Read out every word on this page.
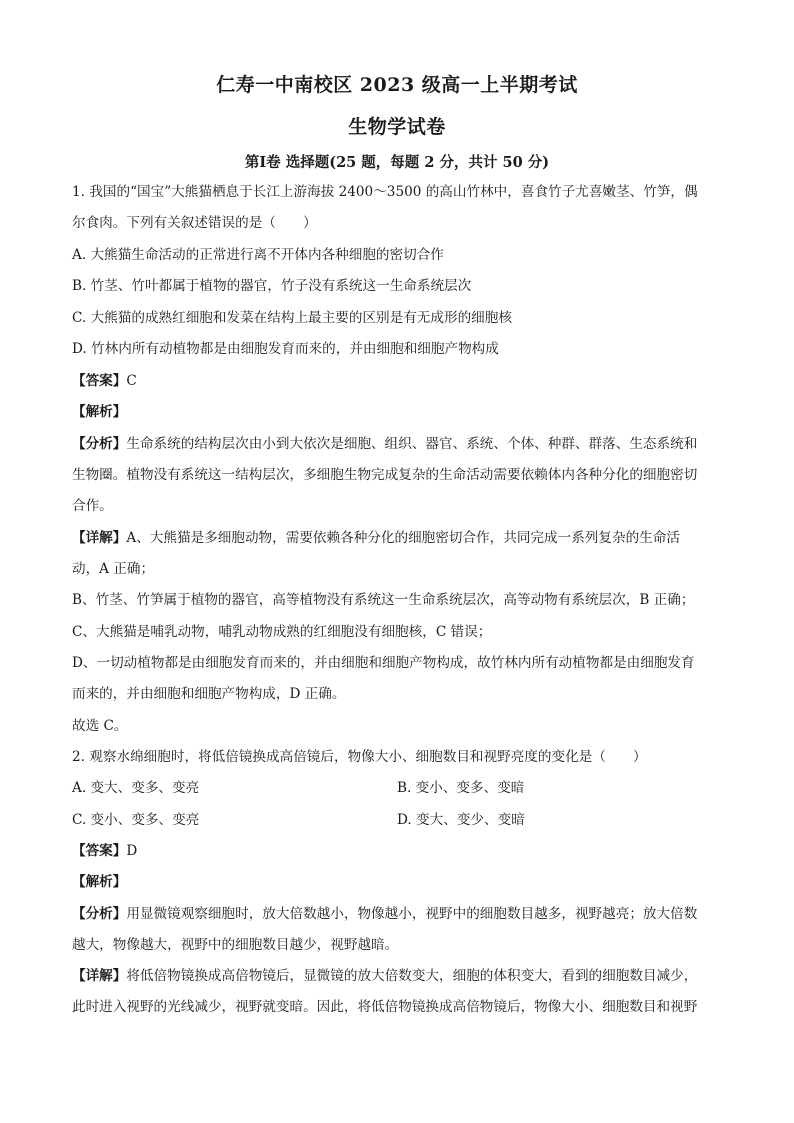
仁寿一中南校区 2023 级高一上半期考试
生物学试卷
第Ⅰ卷 选择题(25 题，每题 2 分，共计 50 分)
1. 我国的“国宝”大熊猫栖息于长江上游海拔 2400～3500 的高山竹林中，喜食竹子尤喜嫩茎、竹笋，偶
尔食肉。下列有关叙述错误的是（　　）
A. 大熊猫生命活动的正常进行离不开体内各种细胞的密切合作
B. 竹茎、竹叶都属于植物的器官，竹子没有系统这一生命系统层次
C. 大熊猫的成熟红细胞和发菜在结构上最主要的区别是有无成形的细胞核
D. 竹林内所有动植物都是由细胞发育而来的，并由细胞和细胞产物构成
【答案】C
【解析】
【分析】生命系统的结构层次由小到大依次是细胞、组织、器官、系统、个体、种群、群落、生态系统和
生物圈。植物没有系统这一结构层次，多细胞生物完成复杂的生命活动需要依赖体内各种分化的细胞密切
合作。
【详解】A、大熊猫是多细胞动物，需要依赖各种分化的细胞密切合作，共同完成一系列复杂的生命活
动，A 正确；
B、竹茎、竹笋属于植物的器官，高等植物没有系统这一生命系统层次，高等动物有系统层次，B 正确；
C、大熊猫是哺乳动物，哺乳动物成熟的红细胞没有细胞核，C 错误；
D、一切动植物都是由细胞发育而来的，并由细胞和细胞产物构成，故竹林内所有动植物都是由细胞发育
而来的，并由细胞和细胞产物构成，D 正确。
故选 C。
2. 观察水绵细胞时，将低倍镜换成高倍镜后，物像大小、细胞数目和视野亮度的变化是（　　）
A. 变大、变多、变亮	B. 变小、变多、变暗
C. 变小、变多、变亮	D. 变大、变少、变暗
【答案】D
【解析】
【分析】用显微镜观察细胞时，放大倍数越小，物像越小，视野中的细胞数目越多，视野越亮；放大倍数
越大，物像越大，视野中的细胞数目越少，视野越暗。
【详解】将低倍物镜换成高倍物镜后，显微镜的放大倍数变大，细胞的体积变大，看到的细胞数目减少，
此时进入视野的光线减少，视野就变暗。因此，将低倍物镜换成高倍物镜后，物像大小、细胞数目和视野
